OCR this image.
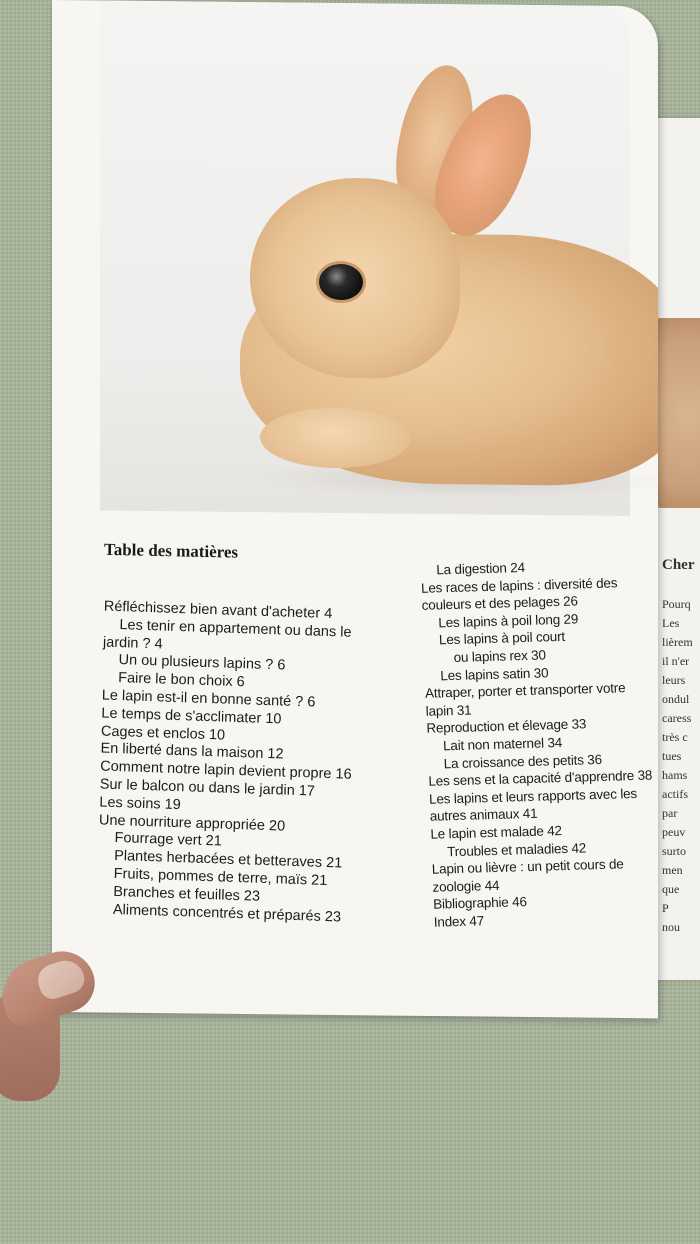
Cher
Pourq
Les
lièrem
il n'er
leurs
ondul
caress
très c
tues
hams
actifs
par
peuv
surto
men
que
P
nou
Table des matières
Réfléchissez bien avant d'acheter 4
Les tenir en appartement ou dans le
jardin ? 4
Un ou plusieurs lapins ? 6
Faire le bon choix 6
Le lapin est-il en bonne santé ? 6
Le temps de s'acclimater 10
Cages et enclos 10
En liberté dans la maison 12
Comment notre lapin devient propre 16
Sur le balcon ou dans le jardin 17
Les soins 19
Une nourriture appropriée 20
Fourrage vert 21
Plantes herbacées et betteraves 21
Fruits, pommes de terre, maïs 21
Branches et feuilles 23
Aliments concentrés et préparés 23
La digestion 24
Les races de lapins : diversité des
couleurs et des pelages 26
Les lapins à poil long 29
Les lapins à poil court
ou lapins rex 30
Les lapins satin 30
Attraper, porter et transporter votre
lapin 31
Reproduction et élevage 33
Lait non maternel 34
La croissance des petits 36
Les sens et la capacité d'apprendre 38
Les lapins et leurs rapports avec les
autres animaux 41
Le lapin est malade 42
Troubles et maladies 42
Lapin ou lièvre : un petit cours de
zoologie 44
Bibliographie 46
Index 47
